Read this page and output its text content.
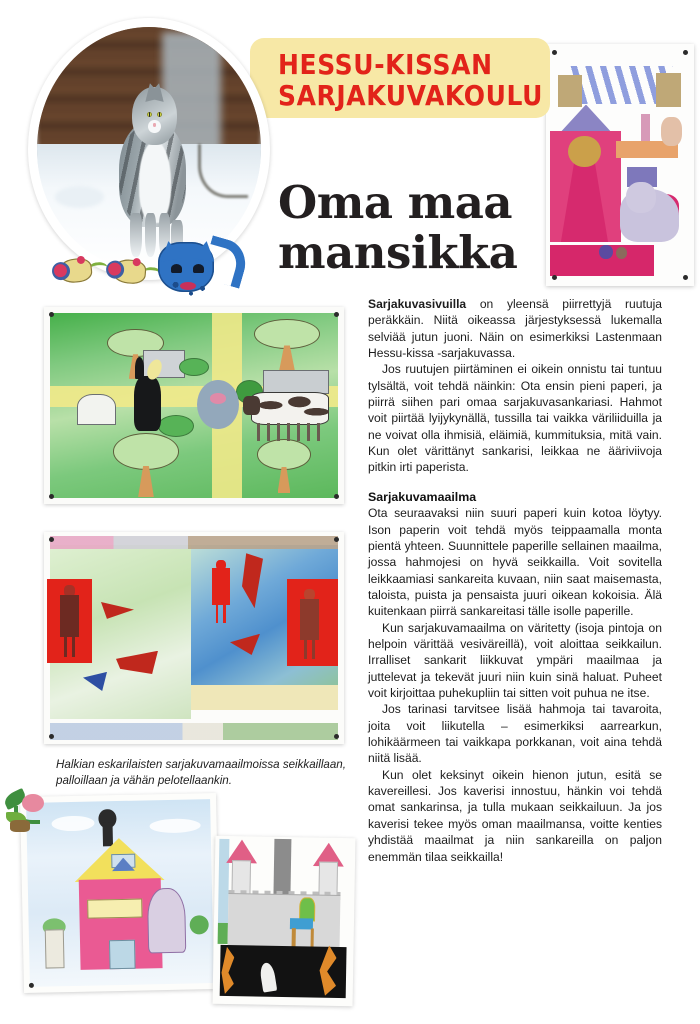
HESSU-KISSAN
SARJAKUVAKOULU
Oma maa
mansikka
Halkian eskarilaisten sarjakuvamaailmoissa seikkaillaan, palloillaan ja vähän pelotellaankin.

Sarjakuvasivuilla on yleensä piirrettyjä ruutuja peräkkäin. Niitä oikeassa järjestyksessä lukemalla selviää jutun juoni. Näin on esimerkiksi Lastenmaan Hessu-kissa -sarjakuvassa.

Jos ruutujen piirtäminen ei oikein onnistu tai tuntuu tylsältä, voit tehdä näinkin: Ota ensin pieni paperi, ja piirrä siihen pari omaa sarjakuvasankariasi. Hahmot voit piirtää lyijykynällä, tussilla tai vaikka väriliiduilla ja ne voivat olla ihmisiä, eläimiä, kummituksia, mitä vain. Kun olet värittänyt sankarisi, leikkaa ne ääriviivoja pitkin irti paperista.

Sarjakuvamaailma

Ota seuraavaksi niin suuri paperi kuin kotoa löytyy. Ison paperin voit tehdä myös teippaamalla monta pientä yhteen. Suunnittele paperille sellainen maailma, jossa hahmojesi on hyvä seikkailla. Voit sovitella leikkaamiasi sankareita kuvaan, niin saat maisemasta, taloista, puista ja pensaista juuri oikean kokoisia. Älä kuitenkaan piirrä sankareitasi tälle isolle paperille.

Kun sarjakuvamaailma on väritetty (isoja pintoja on helpoin värittää vesiväreillä), voit aloittaa seikkailun. Irralliset sankarit liikkuvat ympäri maailmaa ja juttelevat ja tekevät juuri niin kuin sinä haluat. Puheet voit kirjoittaa puhekupliin tai sitten voit puhua ne itse.

Jos tarinasi tarvitsee lisää hahmoja tai tavaroita, joita voit liikutella – esimerkiksi aarrearkun, lohikäärmeen tai vaikkapa porkkanan, voit aina tehdä niitä lisää.

Kun olet keksinyt oikein hienon jutun, esitä se kavereillesi. Jos kaverisi innostuu, hänkin voi tehdä omat sankarinsa, ja tulla mukaan seikkailuun. Ja jos kaverisi tekee myös oman maailmansa, voitte kenties yhdistää maailmat ja niin sankareilla on paljon enemmän tilaa seikkailla!
